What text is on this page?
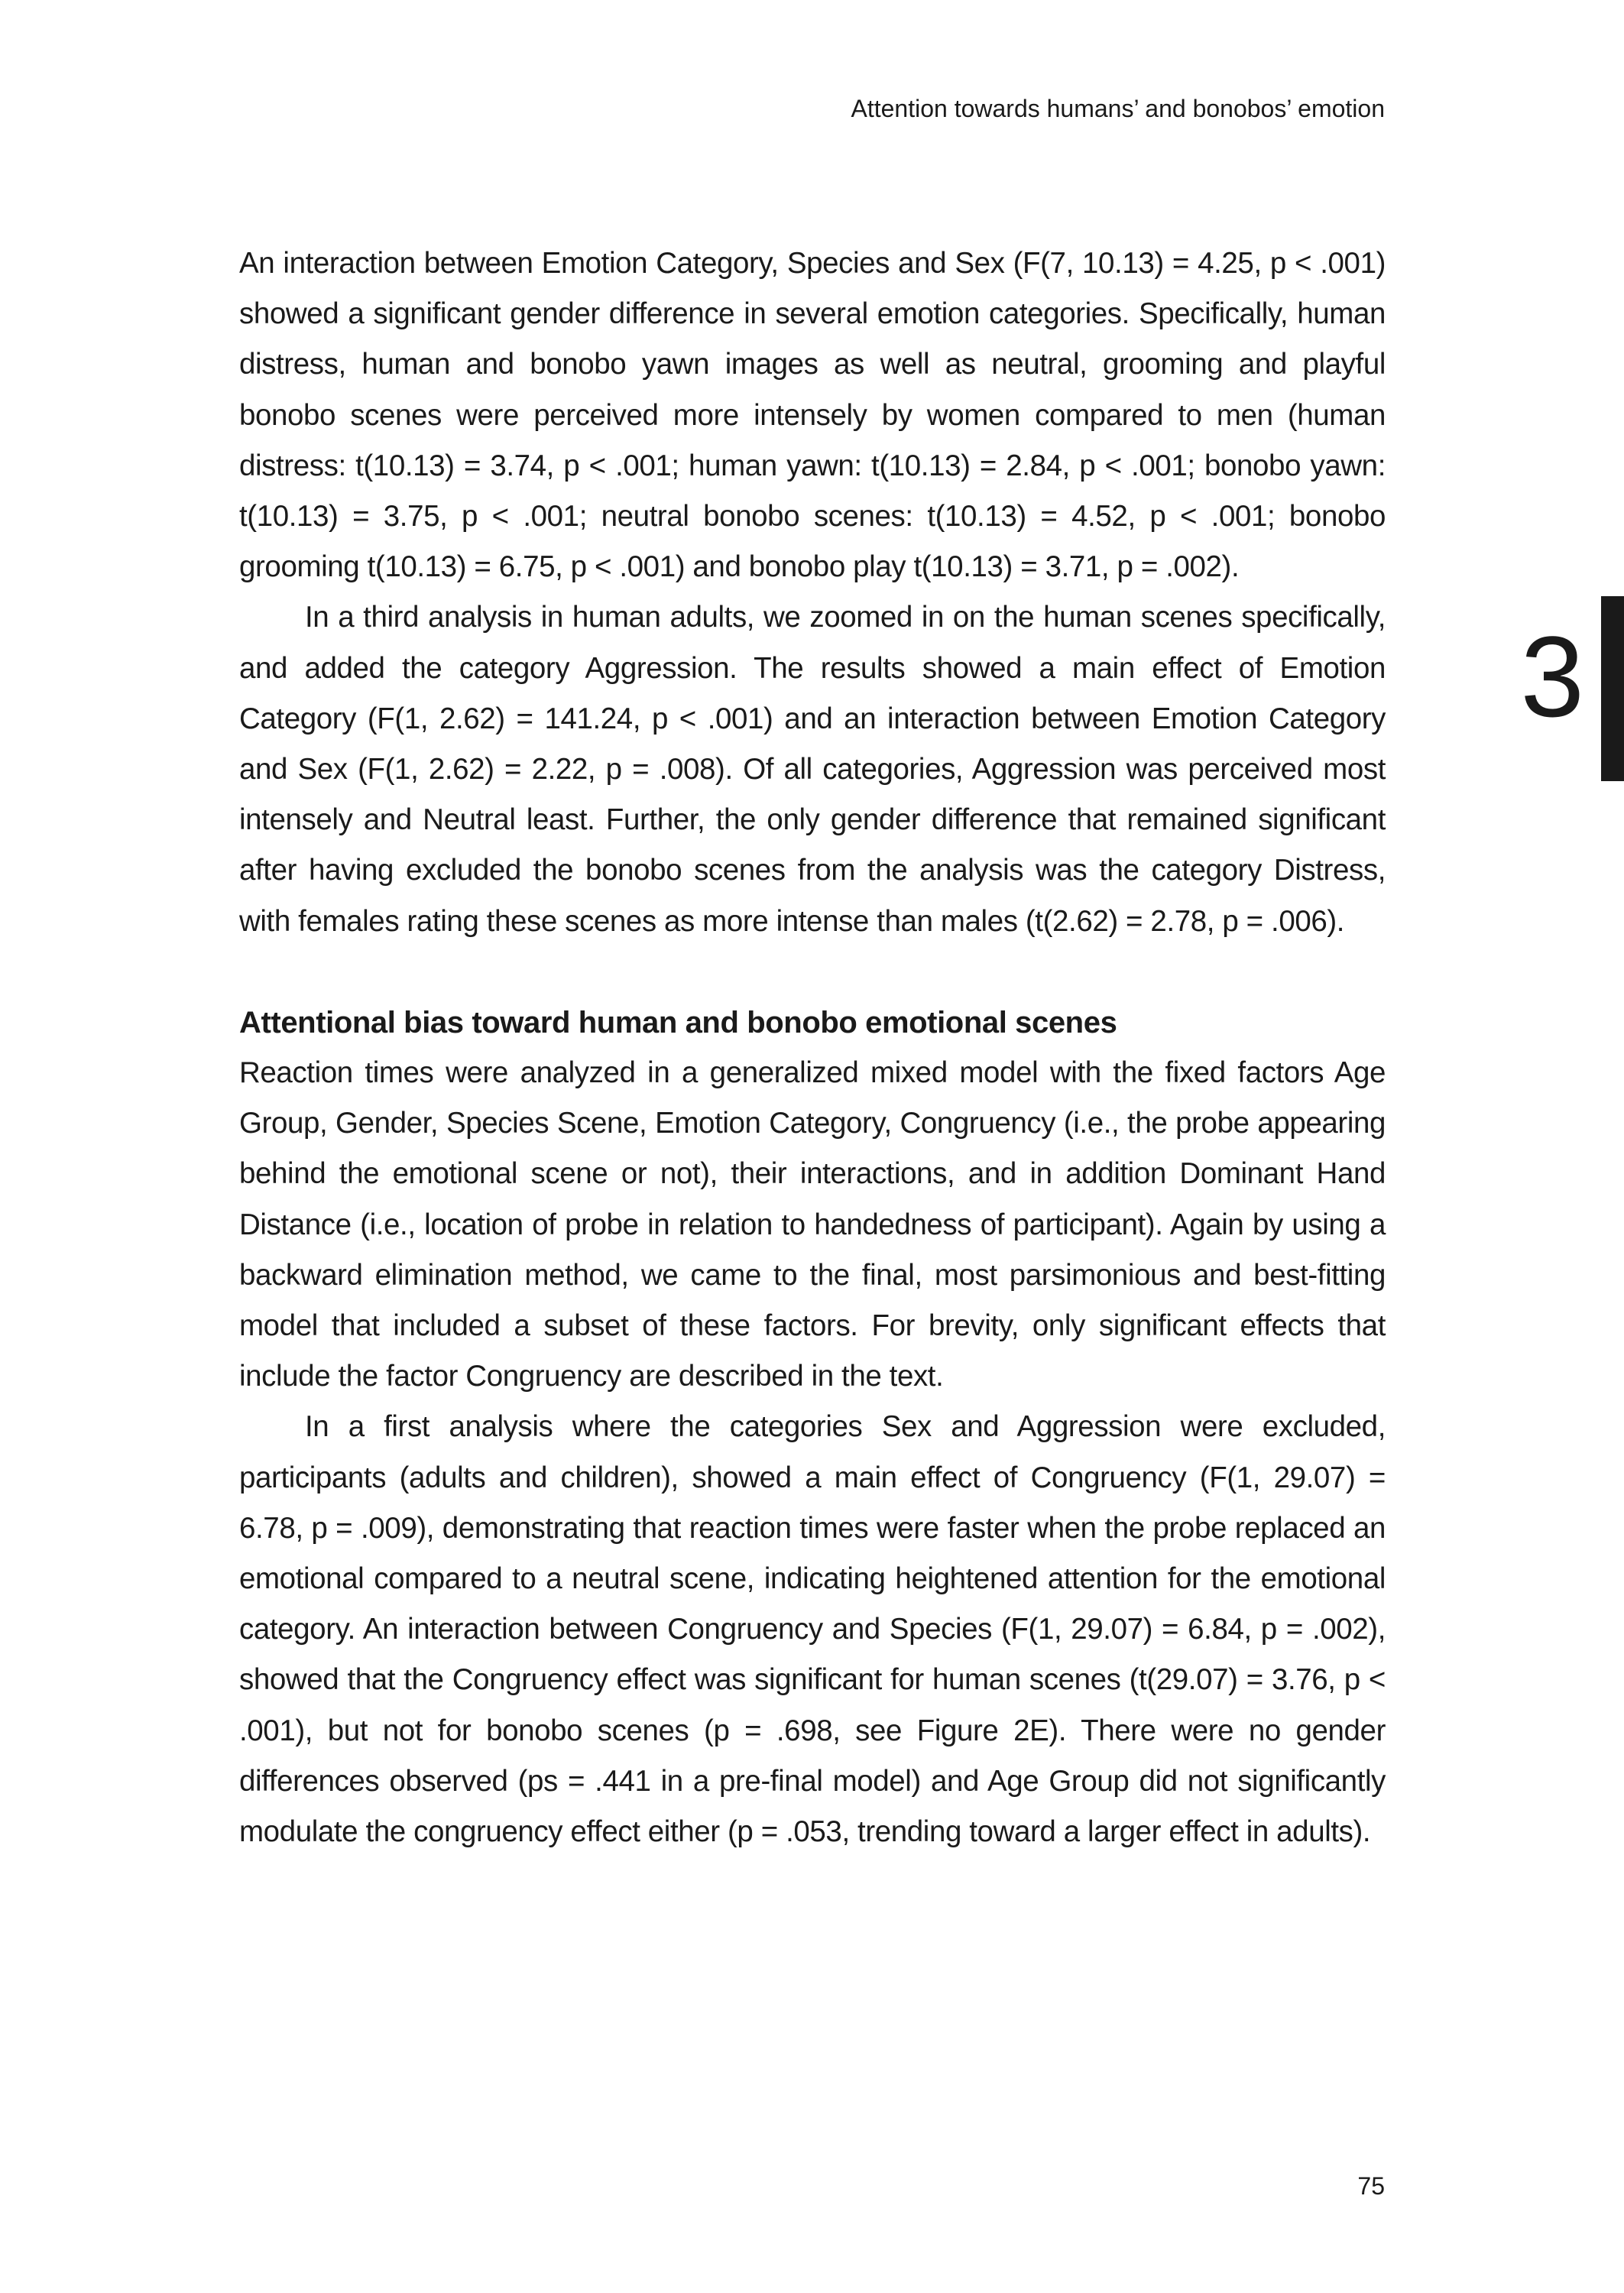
Attention towards humans’ and bonobos’ emotion
3

An interaction between Emotion Category, Species and Sex (F(7, 10.13) = 4.25, p < .001) showed a significant gender difference in several emotion categories. Specifically, human distress, human and bonobo yawn images as well as neutral, grooming and playful bonobo scenes were perceived more intensely by women compared to men (human distress: t(10.13) = 3.74, p < .001; human yawn: t(10.13) = 2.84, p < .001; bonobo yawn: t(10.13) = 3.75, p < .001; neutral bonobo scenes: t(10.13) = 4.52, p < .001; bonobo grooming t(10.13) = 6.75, p < .001) and bonobo play t(10.13) = 3.71, p = .002).

In a third analysis in human adults, we zoomed in on the human scenes specifically, and added the category Aggression. The results showed a main effect of Emotion Category (F(1, 2.62) = 141.24, p < .001) and an interaction between Emotion Category and Sex (F(1, 2.62) = 2.22, p = .008). Of all categories, Aggression was perceived most intensely and Neutral least. Further, the only gender difference that remained significant after having excluded the bonobo scenes from the analysis was the category Distress, with females rating these scenes as more intense than males (t(2.62) = 2.78, p = .006).

Attentional bias toward human and bonobo emotional scenes

Reaction times were analyzed in a generalized mixed model with the fixed factors Age Group, Gender, Species Scene, Emotion Category, Congruency (i.e., the probe appearing behind the emotional scene or not), their interactions, and in addition Dominant Hand Distance (i.e., location of probe in relation to handedness of participant). Again by using a backward elimination method, we came to the final, most parsimonious and best-fitting model that included a subset of these factors. For brevity, only significant effects that include the factor Congruency are described in the text.

In a first analysis where the categories Sex and Aggression were excluded, participants (adults and children), showed a main effect of Congruency (F(1, 29.07) = 6.78, p = .009), demonstrating that reaction times were faster when the probe replaced an emotional compared to a neutral scene, indicating heightened attention for the emotional category. An interaction between Congruency and Species (F(1, 29.07) = 6.84, p = .002), showed that the Congruency effect was significant for human scenes (t(29.07) = 3.76, p < .001), but not for bonobo scenes (p = .698, see Figure 2E). There were no gender differences observed (ps = .441 in a pre-final model) and Age Group did not significantly modulate the congruency effect either (p = .053, trending toward a larger effect in adults).

75
